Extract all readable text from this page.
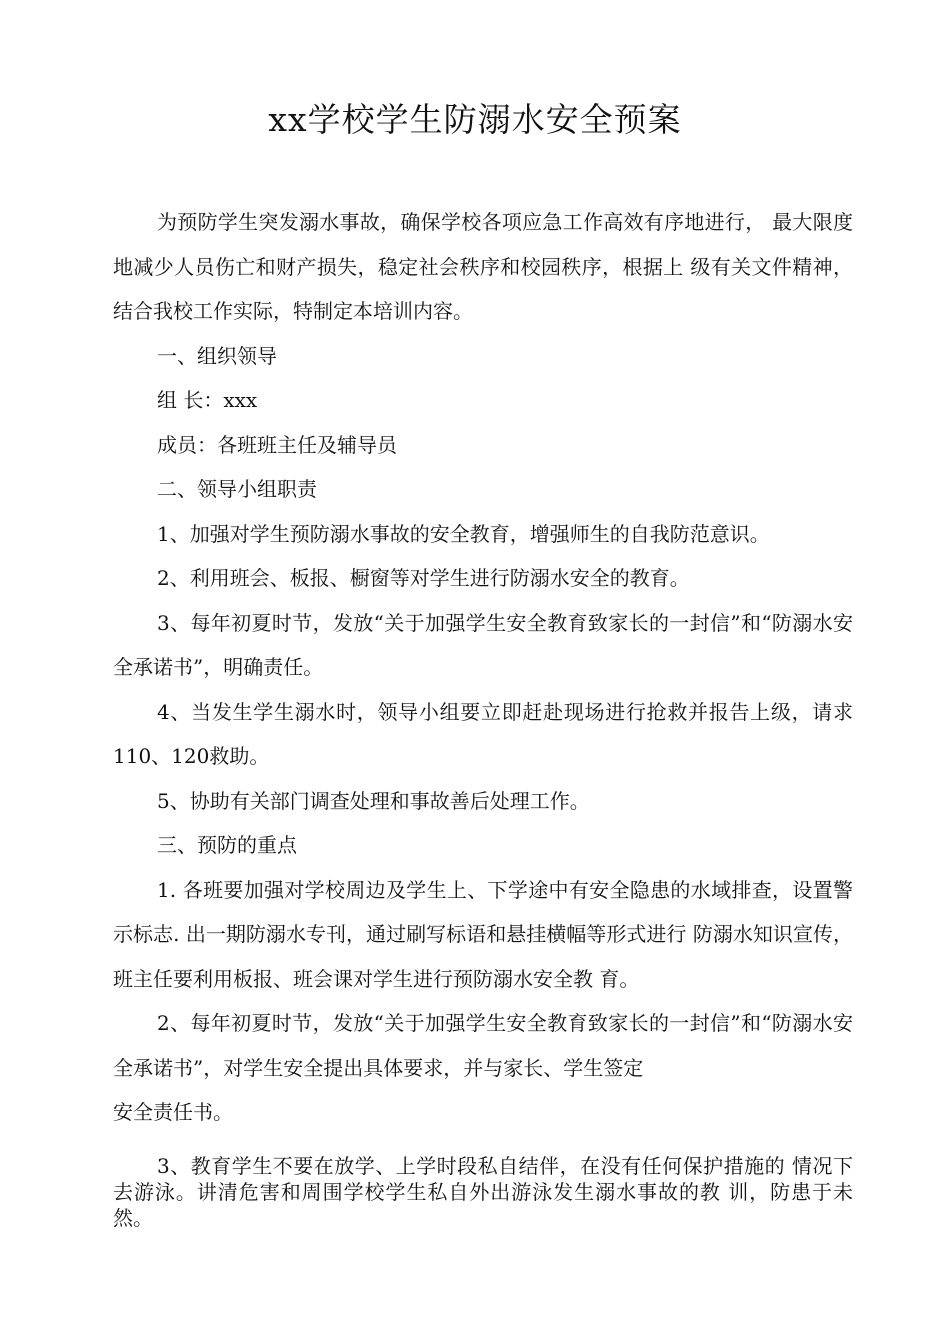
xx学校学生防溺水安全预案

为预防学生突发溺水事故，确保学校各项应急工作高效有序地进行， 最大限度地减少人员伤亡和财产损失，稳定社会秩序和校园秩序，根据上 级有关文件精神，结合我校工作实际，特制定本培训内容。

一、组织领导

组 长：xxx

成员：各班班主任及辅导员

二、领导小组职责

1、加强对学生预防溺水事故的安全教育，增强师生的自我防范意识。

2、利用班会、板报、橱窗等对学生进行防溺水安全的教育。

3、每年初夏时节，发放“关于加强学生安全教育致家长的一封信”和“防溺水安全承诺书”，明确责任。

4、当发生学生溺水时，领导小组要立即赶赴现场进行抢救并报告上级，请求110、120救助。

5、协助有关部门调查处理和事故善后处理工作。

三、预防的重点

1. 各班要加强对学校周边及学生上、下学途中有安全隐患的水域排查，设置警示标志. 出一期防溺水专刊，通过刷写标语和悬挂横幅等形式进行 防溺水知识宣传，班主任要利用板报、班会课对学生进行预防溺水安全教 育。

2、每年初夏时节，发放“关于加强学生安全教育致家长的一封信”和“防溺水安全承诺书”，对学生安全提出具体要求，并与家长、学生签定

安全责任书。

3、教育学生不要在放学、上学时段私自结伴，在没有任何保护措施的 情况下去游泳。讲清危害和周围学校学生私自外出游泳发生溺水事故的教 训，防患于未然。
